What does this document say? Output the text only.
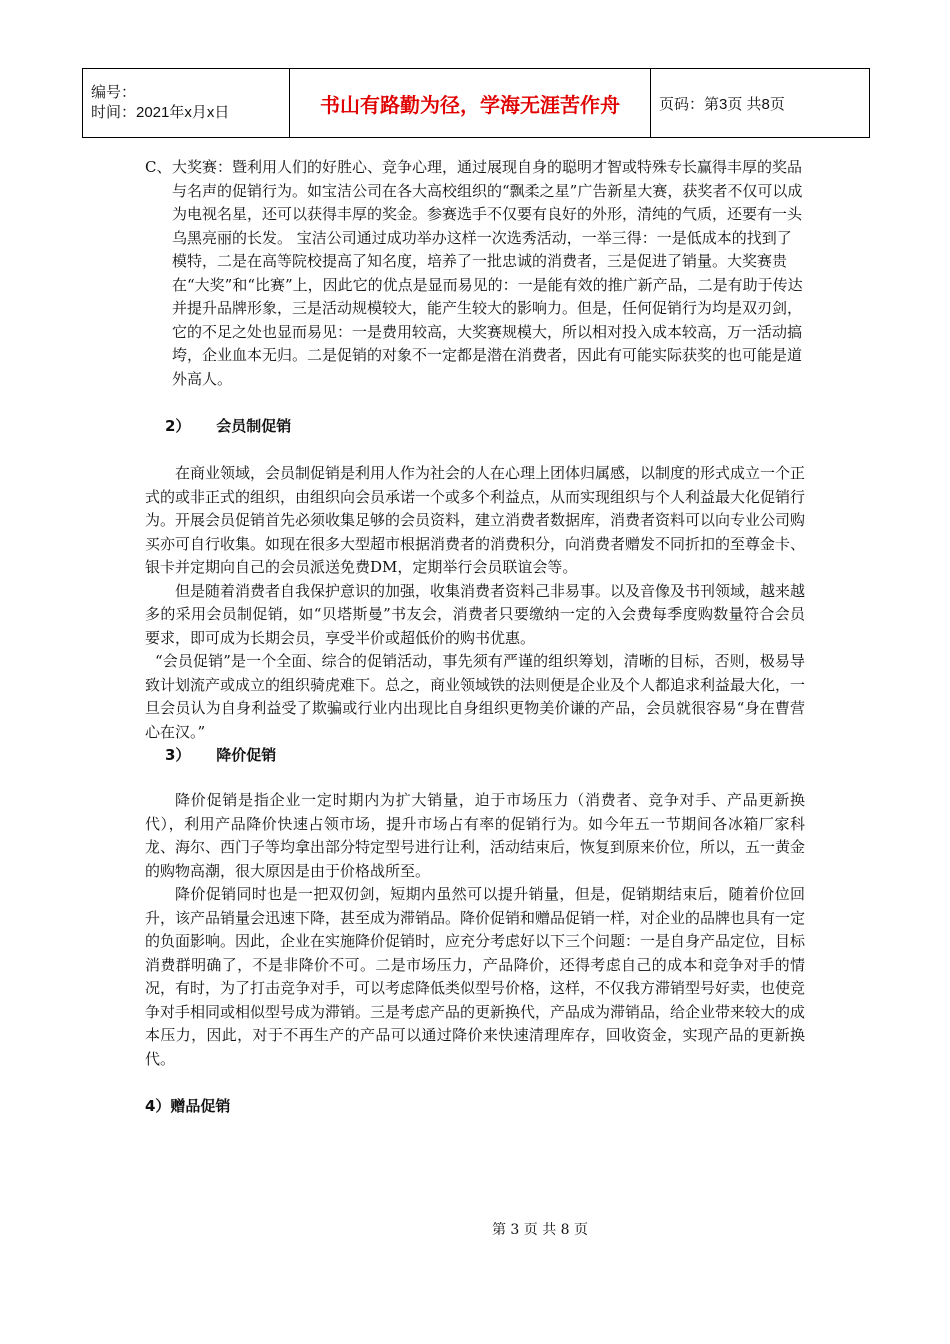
编号：
时间：2021年x月x日	书山有路勤为径，学海无涯苦作舟	页码：第3页 共8页
C、 大奖赛：暨利用人们的好胜心、竞争心理，通过展现自身的聪明才智或特殊专长赢得丰厚的奖品与名声的促销行为。如宝洁公司在各大高校组织的“飘柔之星”广告新星大赛，获奖者不仅可以成为电视名星，还可以获得丰厚的奖金。参赛选手不仅要有良好的外形，清纯的气质，还要有一头乌黑亮丽的长发。 宝洁公司通过成功举办这样一次选秀活动，一举三得：一是低成本的找到了模特，二是在高等院校提高了知名度，培养了一批忠诚的消费者，三是促进了销量。大奖赛贵在“大奖”和“比赛”上，因此它的优点是显而易见的：一是能有效的推广新产品，二是有助于传达并提升品牌形象，三是活动规模较大，能产生较大的影响力。但是，任何促销行为均是双刃剑，它的不足之处也显而易见：一是费用较高，大奖赛规模大，所以相对投入成本较高，万一活动搞垮，企业血本无归。二是促销的对象不一定都是潜在消费者，因此有可能实际获奖的也可能是道外高人。
2） 会员制促销

在商业领域，会员制促销是利用人作为社会的人在心理上团体归属感，以制度的形式成立一个正式的或非正式的组织，由组织向会员承诺一个或多个利益点，从而实现组织与个人利益最大化促销行为。开展会员促销首先必须收集足够的会员资料，建立消费者数据库，消费者资料可以向专业公司购买亦可自行收集。如现在很多大型超市根据消费者的消费积分，向消费者赠发不同折扣的至尊金卡、银卡并定期向自己的会员派送免费DM，定期举行会员联谊会等。

但是随着消费者自我保护意识的加强，收集消费者资料己非易事。以及音像及书刊领域，越来越多的采用会员制促销，如“贝塔斯曼”书友会，消费者只要缴纳一定的入会费每季度购数量符合会员要求，即可成为长期会员，享受半价或超低价的购书优惠。

“会员促销”是一个全面、综合的促销活动，事先须有严谨的组织筹划，清晰的目标，否则，极易导致计划流产或成立的组织骑虎难下。总之，商业领域铁的法则便是企业及个人都追求利益最大化，一旦会员认为自身利益受了欺骗或行业内出现比自身组织更物美价谦的产品，会员就很容易“身在曹营心在汉。”

3） 降价促销

降价促销是指企业一定时期内为扩大销量，迫于市场压力（消费者、竞争对手、产品更新换代），利用产品降价快速占领市场，提升市场占有率的促销行为。如今年五一节期间各冰箱厂家科龙、海尔、西门子等均拿出部分特定型号进行让利，活动结束后，恢复到原来价位，所以，五一黄金的购物高潮，很大原因是由于价格战所至。

降价促销同时也是一把双仞剑，短期内虽然可以提升销量，但是，促销期结束后，随着价位回升，该产品销量会迅速下降，甚至成为滞销品。降价促销和赠品促销一样，对企业的品牌也具有一定的负面影响。因此，企业在实施降价促销时，应充分考虑好以下三个问题：一是自身产品定位，目标消费群明确了，不是非降价不可。二是市场压力，产品降价，还得考虑自己的成本和竞争对手的情况，有时，为了打击竞争对手，可以考虑降低类似型号价格，这样，不仅我方滞销型号好卖，也使竞争对手相同或相似型号成为滞销。三是考虑产品的更新换代，产品成为滞销品，给企业带来较大的成本压力，因此，对于不再生产的产品可以通过降价来快速清理库存，回收资金，实现产品的更新换代。

4）赠品促销
第 3 页 共 8 页
